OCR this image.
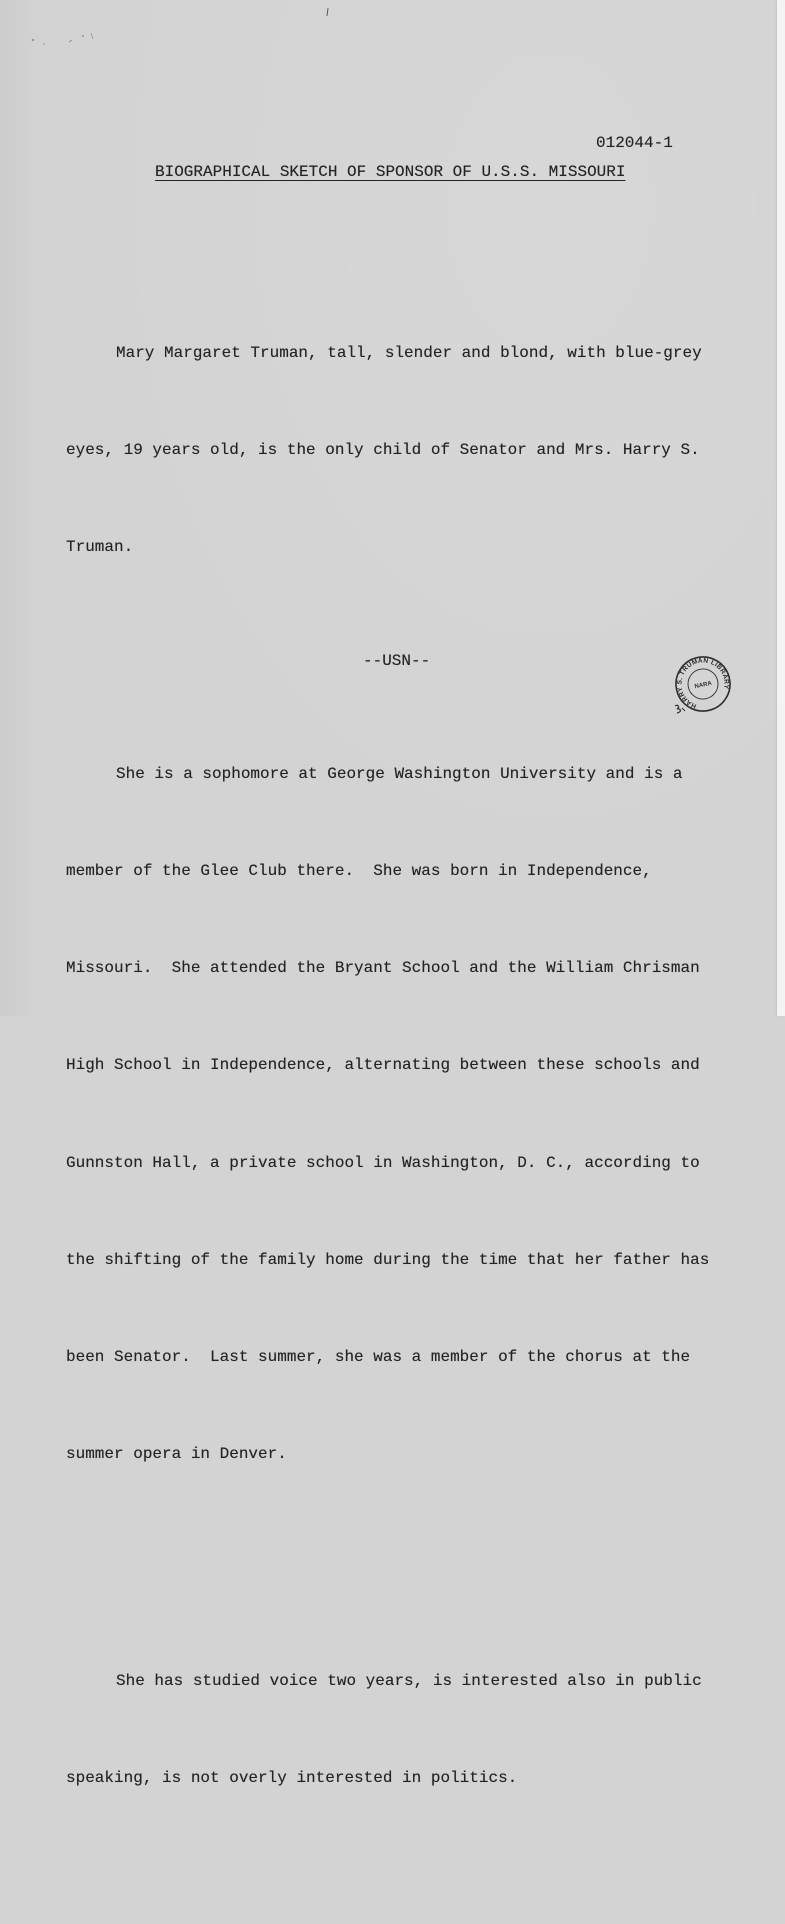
012044-1
BIOGRAPHICAL SKETCH OF SPONSOR OF U.S.S. MISSOURI

Mary Margaret Truman, tall, slender and blond, with blue-grey

eyes, 19 years old, is the only child of Senator and Mrs. Harry S.

Truman.

She is a sophomore at George Washington University and is a

member of the Glee Club there.  She was born in Independence,

Missouri.  She attended the Bryant School and the William Chrisman

High School in Independence, alternating between these schools and

Gunnston Hall, a private school in Washington, D. C., according to

the shifting of the family home during the time that her father has

been Senator.  Last summer, she was a member of the chorus at the

summer opera in Denver.

She has studied voice two years, is interested also in public

speaking, is not overly interested in politics.

--USN--
HARRY S. TRUMAN LIBRARY
NARA
